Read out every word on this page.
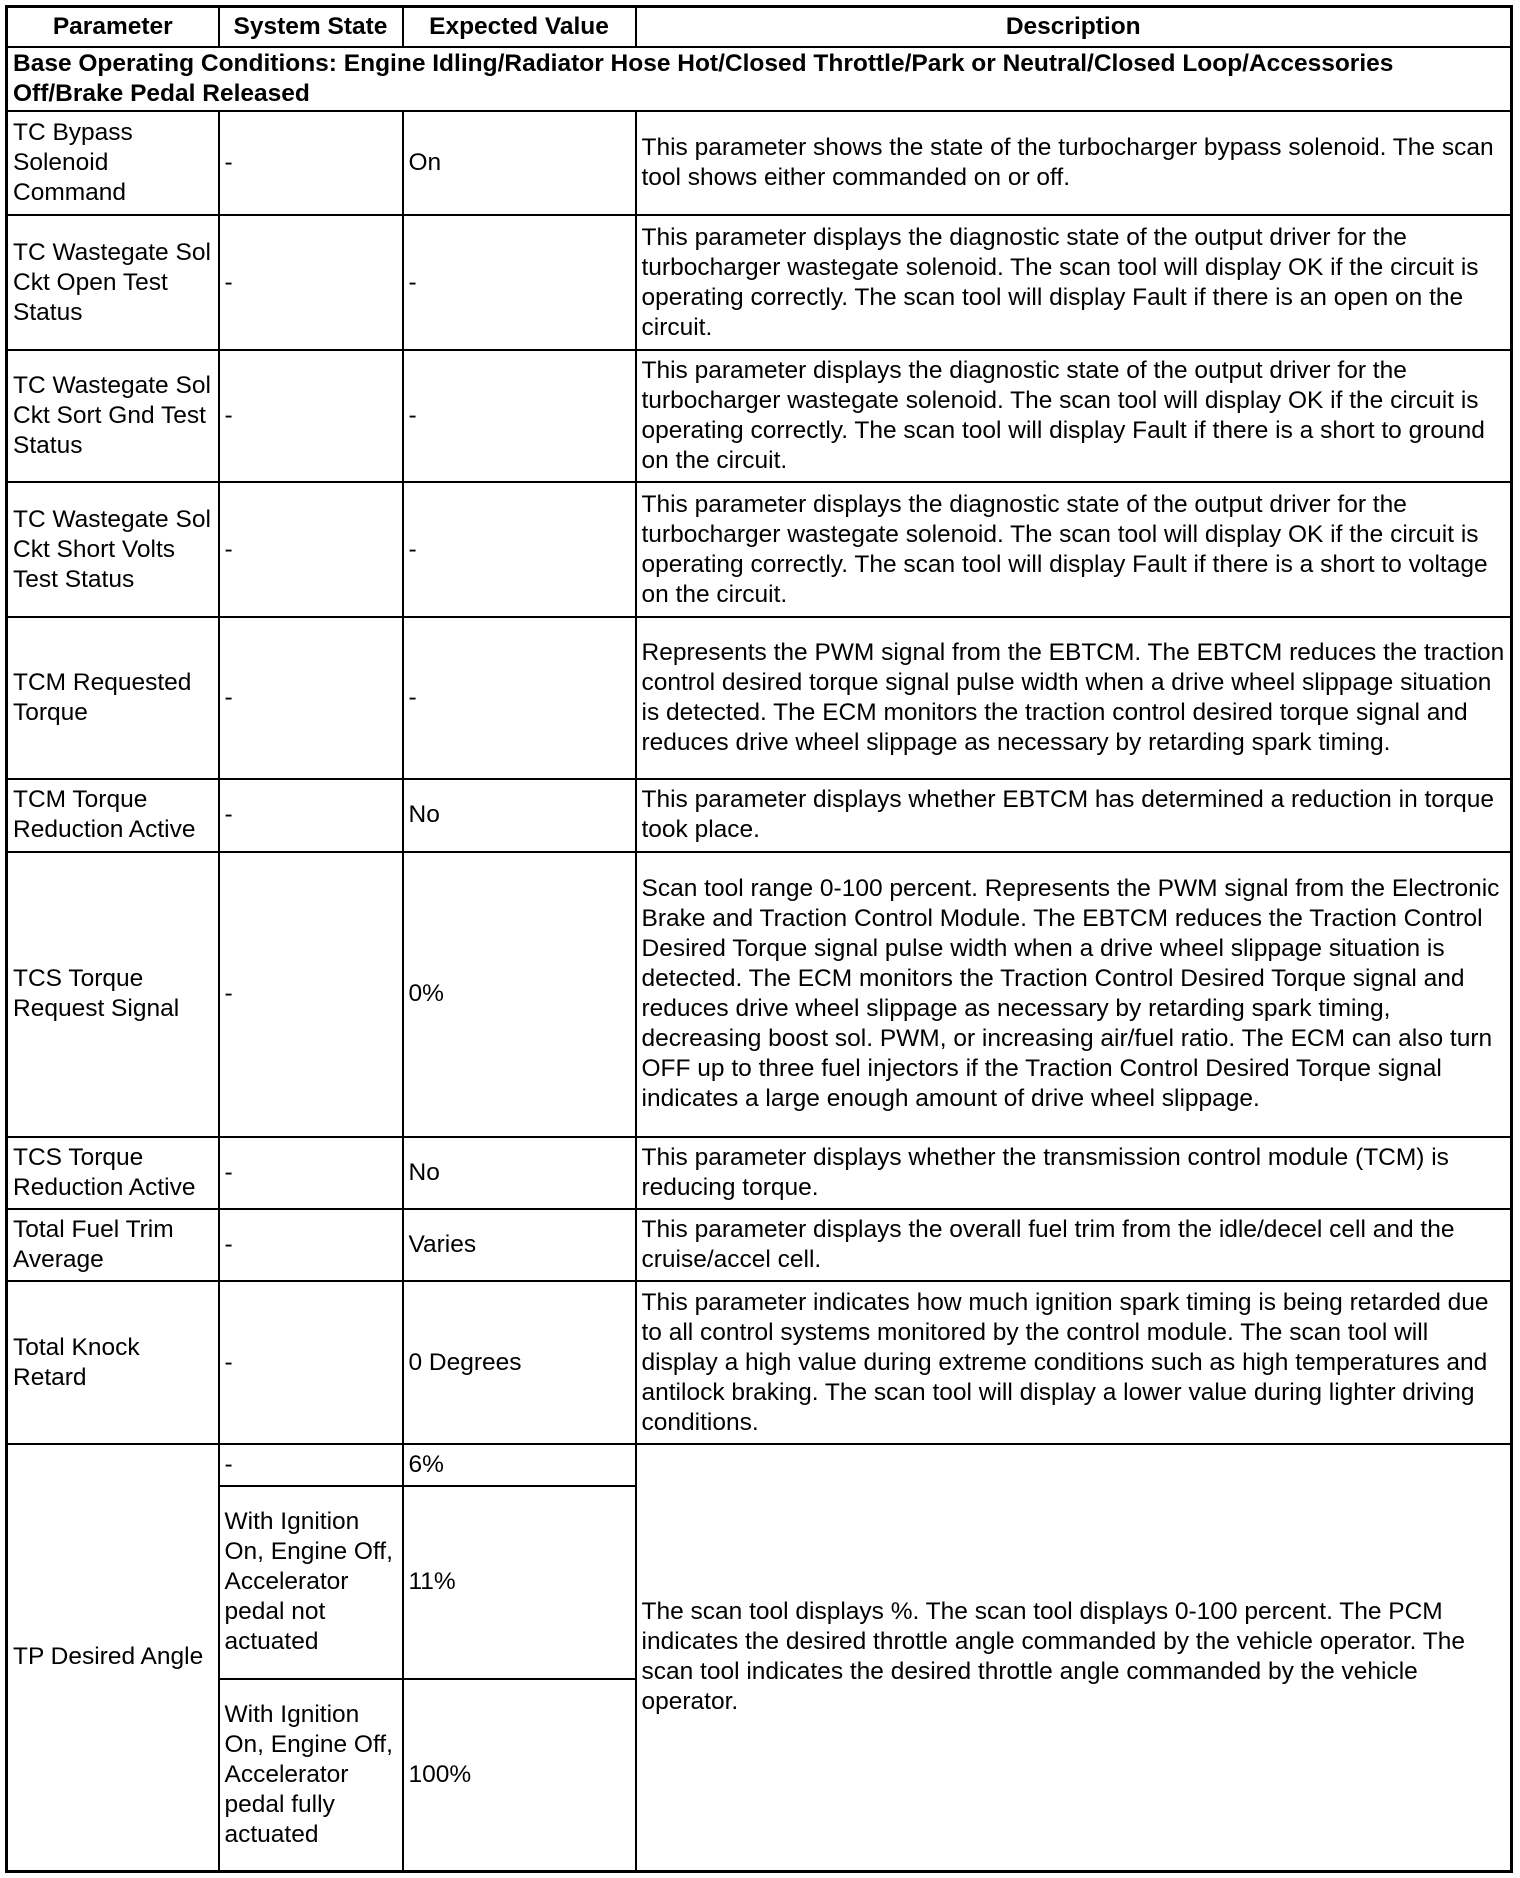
Parameter	System State	Expected Value	Description
Base Operating Conditions: Engine Idling/Radiator Hose Hot/Closed Throttle/Park or Neutral/Closed Loop/Accessories Off/Brake Pedal Released			
TC Bypass Solenoid Command	-	On	This parameter shows the state of the turbocharger bypass solenoid. The scan tool shows either commanded on or off.
TC Wastegate Sol Ckt Open Test Status	-	-	This parameter displays the diagnostic state of the output driver for the turbocharger wastegate solenoid. The scan tool will display OK if the circuit is operating correctly. The scan tool will display Fault if there is an open on the circuit.
TC Wastegate Sol Ckt Sort Gnd Test Status	-	-	This parameter displays the diagnostic state of the output driver for the turbocharger wastegate solenoid. The scan tool will display OK if the circuit is operating correctly. The scan tool will display Fault if there is a short to ground on the circuit.
TC Wastegate Sol Ckt Short Volts Test Status	-	-	This parameter displays the diagnostic state of the output driver for the turbocharger wastegate solenoid. The scan tool will display OK if the circuit is operating correctly. The scan tool will display Fault if there is a short to voltage on the circuit.
TCM Requested Torque	-	-	Represents the PWM signal from the EBTCM. The EBTCM reduces the traction control desired torque signal pulse width when a drive wheel slippage situation is detected. The ECM monitors the traction control desired torque signal and reduces drive wheel slippage as necessary by retarding spark timing.
TCM Torque Reduction Active	-	No	This parameter displays whether EBTCM has determined a reduction in torque took place.
TCS Torque Request Signal	-	0%	Scan tool range 0-100 percent. Represents the PWM signal from the Electronic Brake and Traction Control Module. The EBTCM reduces the Traction Control Desired Torque signal pulse width when a drive wheel slippage situation is detected. The ECM monitors the Traction Control Desired Torque signal and reduces drive wheel slippage as necessary by retarding spark timing, decreasing boost sol. PWM, or increasing air/fuel ratio. The ECM can also turn OFF up to three fuel injectors if the Traction Control Desired Torque signal indicates a large enough amount of drive wheel slippage.
TCS Torque Reduction Active	-	No	This parameter displays whether the transmission control module (TCM) is reducing torque.
Total Fuel Trim Average	-	Varies	This parameter displays the overall fuel trim from the idle/decel cell and the cruise/accel cell.
Total Knock Retard	-	0 Degrees	This parameter indicates how much ignition spark timing is being retarded due to all control systems monitored by the control module. The scan tool will display a high value during extreme conditions such as high temperatures and antilock braking. The scan tool will display a lower value during lighter driving conditions.
TP Desired Angle	-	6%	The scan tool displays %. The scan tool displays 0-100 percent. The PCM indicates the desired throttle angle commanded by the vehicle operator. The scan tool indicates the desired throttle angle commanded by the vehicle operator.
	With Ignition On, Engine Off, Accelerator pedal not actuated	11%	
	With Ignition On, Engine Off, Accelerator pedal fully actuated	100%	
